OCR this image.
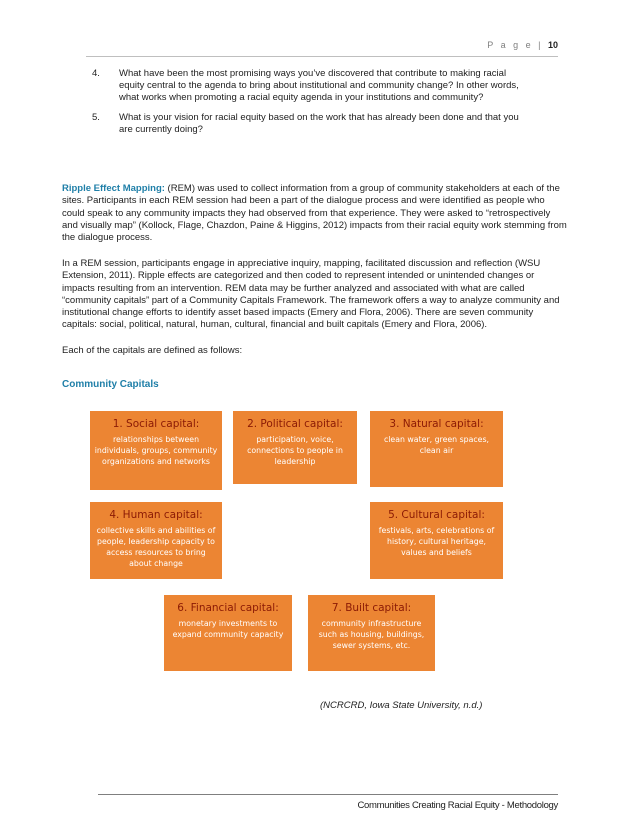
P a g e | 10
4. What have been the most promising ways you’ve discovered that contribute to making racial equity central to the agenda to bring about institutional and community change? In other words, what works when promoting a racial equity agenda in your institutions and community?
5. What is your vision for racial equity based on the work that has already been done and that you are currently doing?

Ripple Effect Mapping: (REM) was used to collect information from a group of community stakeholders at each of the sites. Participants in each REM session had been a part of the dialogue process and were identified as people who could speak to any community impacts they had observed from that experience. They were asked to “retrospectively and visually map” (Kollock, Flage, Chazdon, Paine & Higgins, 2012) impacts from their racial equity work stemming from the dialogue process.

In a REM session, participants engage in appreciative inquiry, mapping, facilitated discussion and reflection (WSU Extension, 2011). Ripple effects are categorized and then coded to represent intended or unintended changes or impacts resulting from an intervention. REM data may be further analyzed and associated with what are called “community capitals” part of a Community Capitals Framework. The framework offers a way to analyze community and institutional change efforts to identify asset based impacts (Emery and Flora, 2006). There are seven community capitals: social, political, natural, human, cultural, financial and built capitals (Emery and Flora, 2006).

Each of the capitals are defined as follows:

Community Capitals
1. Social capital:
relationships between individuals, groups, community organizations and networks
2. Political capital:
participation, voice, connections to people in leadership
3. Natural capital:
clean water, green spaces, clean air
4. Human capital:
collective skills and abilities of people, leadership capacity to access resources to bring about change
5. Cultural capital:
festivals, arts, celebrations of history, cultural heritage, values and beliefs
6. Financial capital:
monetary investments to expand community capacity
7. Built capital:
community infrastructure such as housing, buildings, sewer systems, etc.
(NCRCRD, Iowa State University, n.d.)
Communities Creating Racial Equity - Methodology
